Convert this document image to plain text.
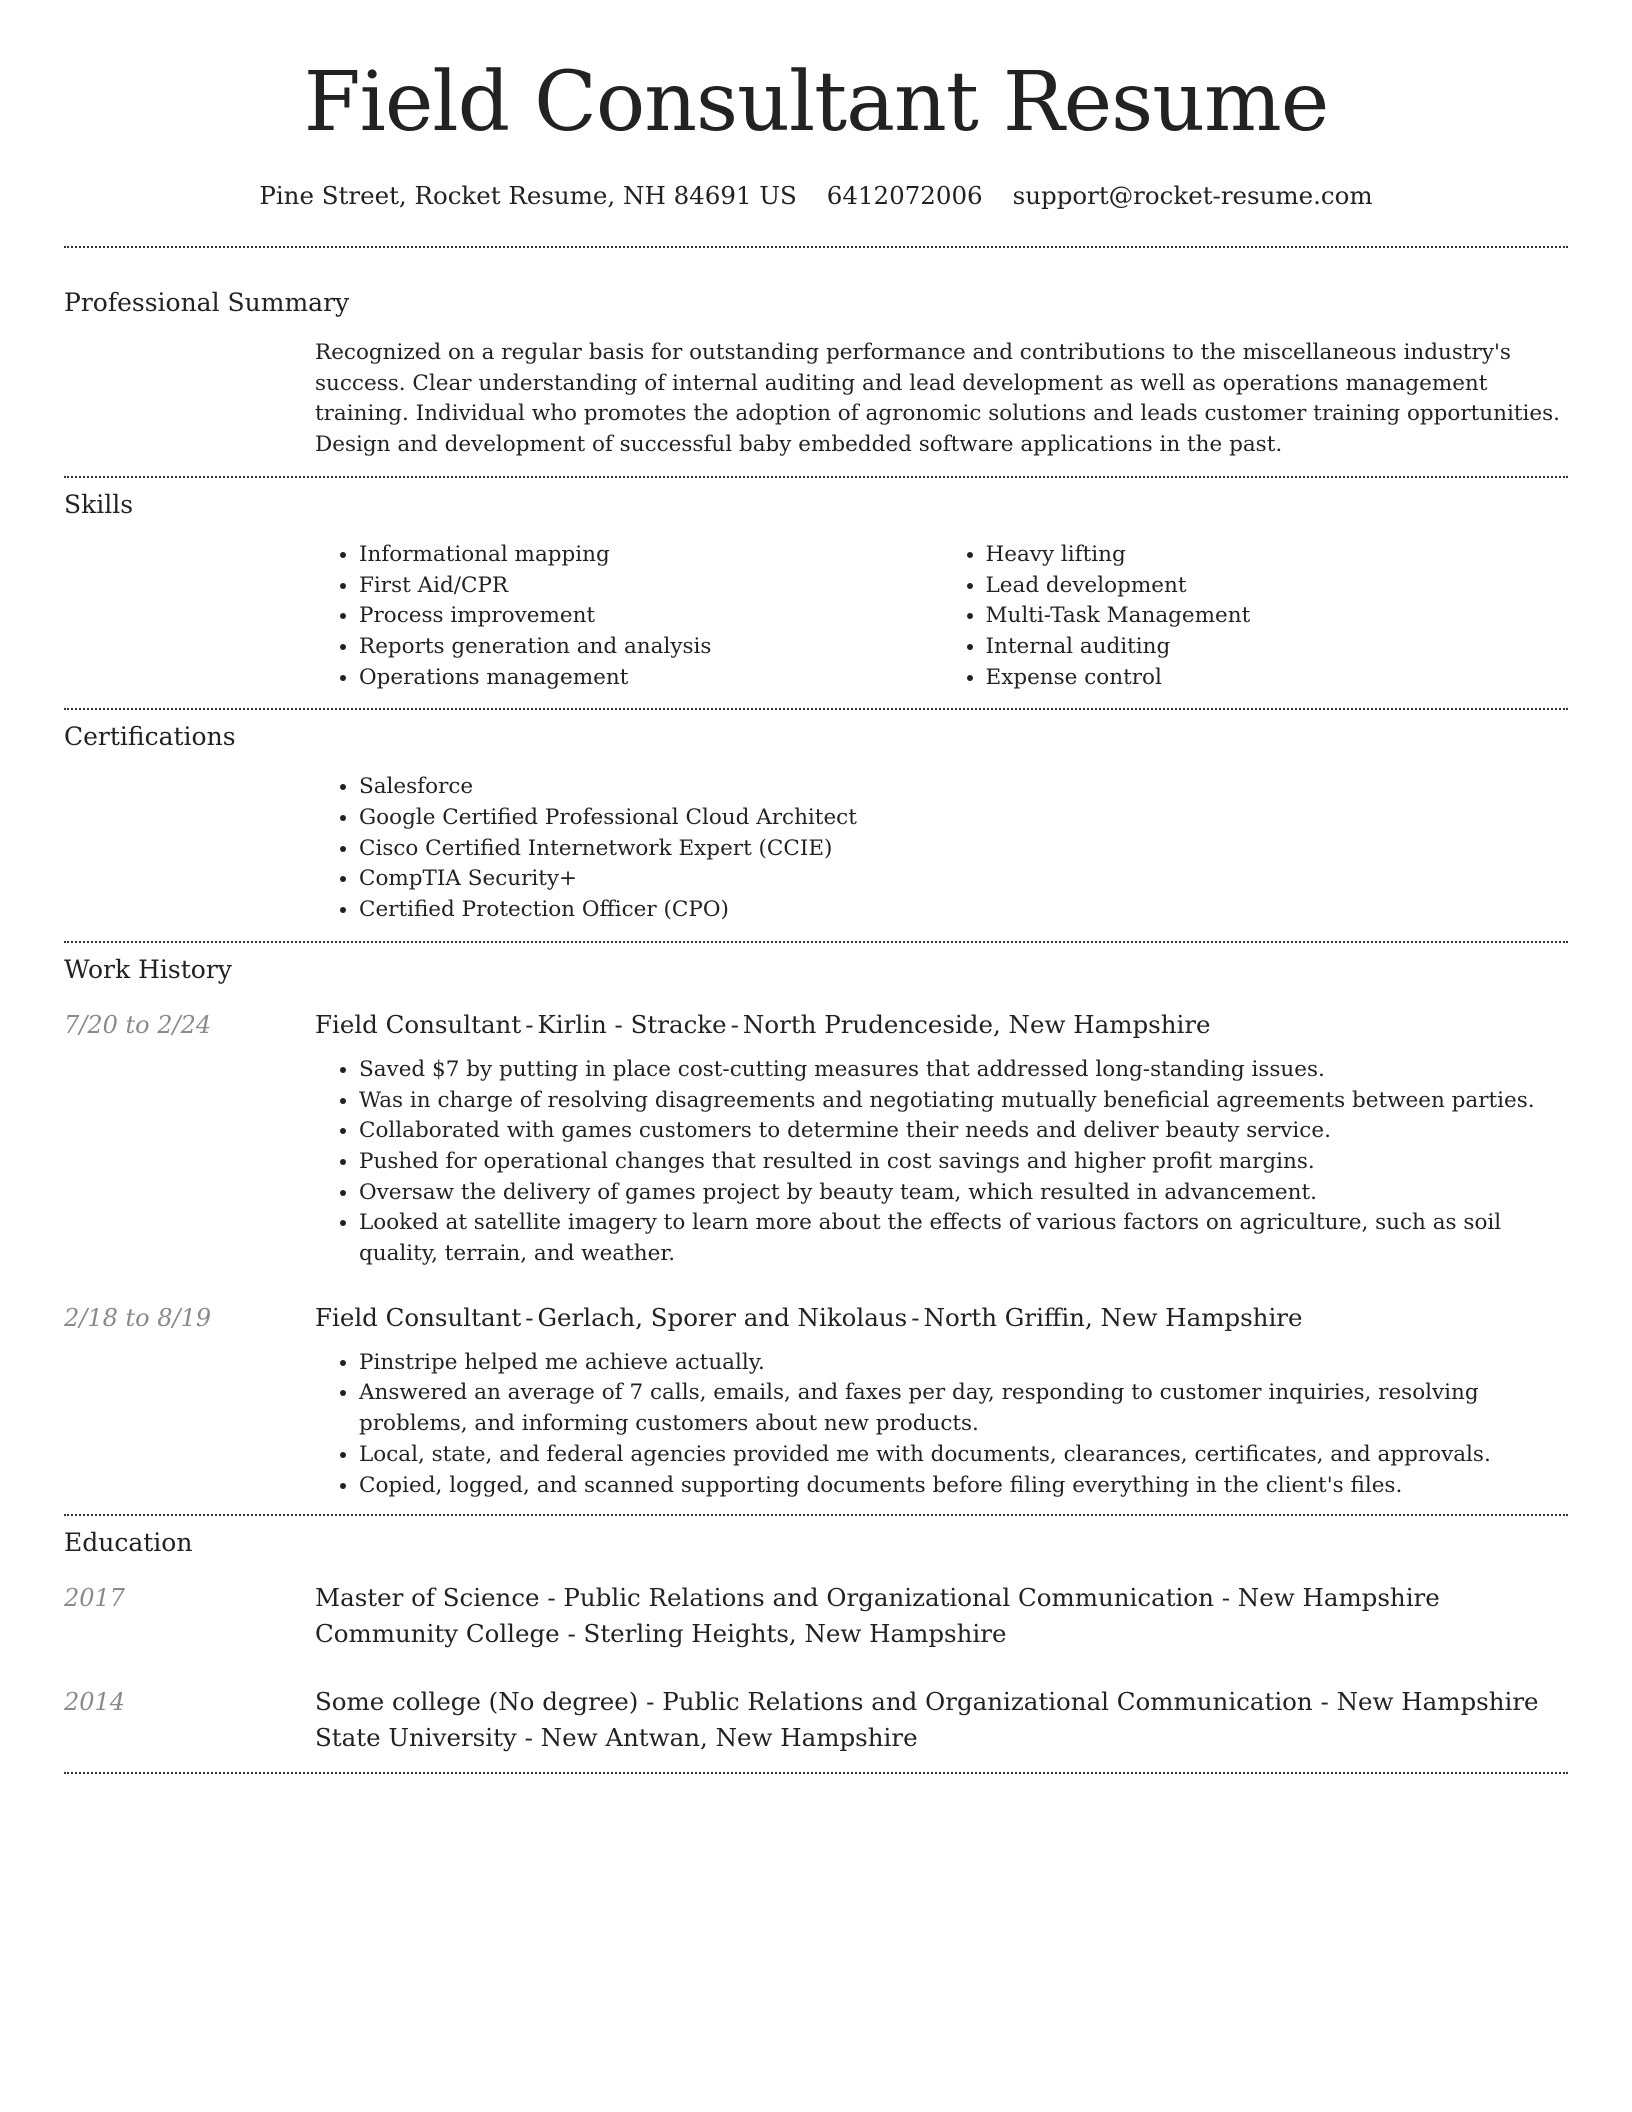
Field Consultant Resume
Pine Street, Rocket Resume, NH 84691 US 6412072006 support@rocket-resume.com
Professional Summary

Recognized on a regular basis for outstanding performance and contributions to the miscellaneous industry's success. Clear understanding of internal auditing and lead development as well as operations management training. Individual who promotes the adoption of agronomic solutions and leads customer training opportunities. Design and development of successful baby embedded software applications in the past.

Skills
• Informational mapping
• First Aid/CPR
• Process improvement
• Reports generation and analysis
• Operations management
• Heavy lifting
• Lead development
• Multi-Task Management
• Internal auditing
• Expense control
Certifications
• Salesforce
• Google Certified Professional Cloud Architect
• Cisco Certified Internetwork Expert (CCIE)
• CompTIA Security+
• Certified Protection Officer (CPO)
Work History
7/20 to 2/24	Field Consultant - Kirlin - Stracke - North Prudenceside, New Hampshire
• Saved $7 by putting in place cost-cutting measures that addressed long-standing issues.
• Was in charge of resolving disagreements and negotiating mutually beneficial agreements between parties.
• Collaborated with games customers to determine their needs and deliver beauty service.
• Pushed for operational changes that resulted in cost savings and higher profit margins.
• Oversaw the delivery of games project by beauty team, which resulted in advancement.
• Looked at satellite imagery to learn more about the effects of various factors on agriculture, such as soil quality, terrain, and weather.
2/18 to 8/19	Field Consultant - Gerlach, Sporer and Nikolaus - North Griffin, New Hampshire
• Pinstripe helped me achieve actually.
• Answered an average of 7 calls, emails, and faxes per day, responding to customer inquiries, resolving problems, and informing customers about new products.
• Local, state, and federal agencies provided me with documents, clearances, certificates, and approvals.
• Copied, logged, and scanned supporting documents before filing everything in the client's files.
Education
2017	Master of Science - Public Relations and Organizational Communication - New Hampshire Community College - Sterling Heights, New Hampshire

2014	Some college (No degree) - Public Relations and Organizational Communication - New Hampshire State University - New Antwan, New Hampshire
